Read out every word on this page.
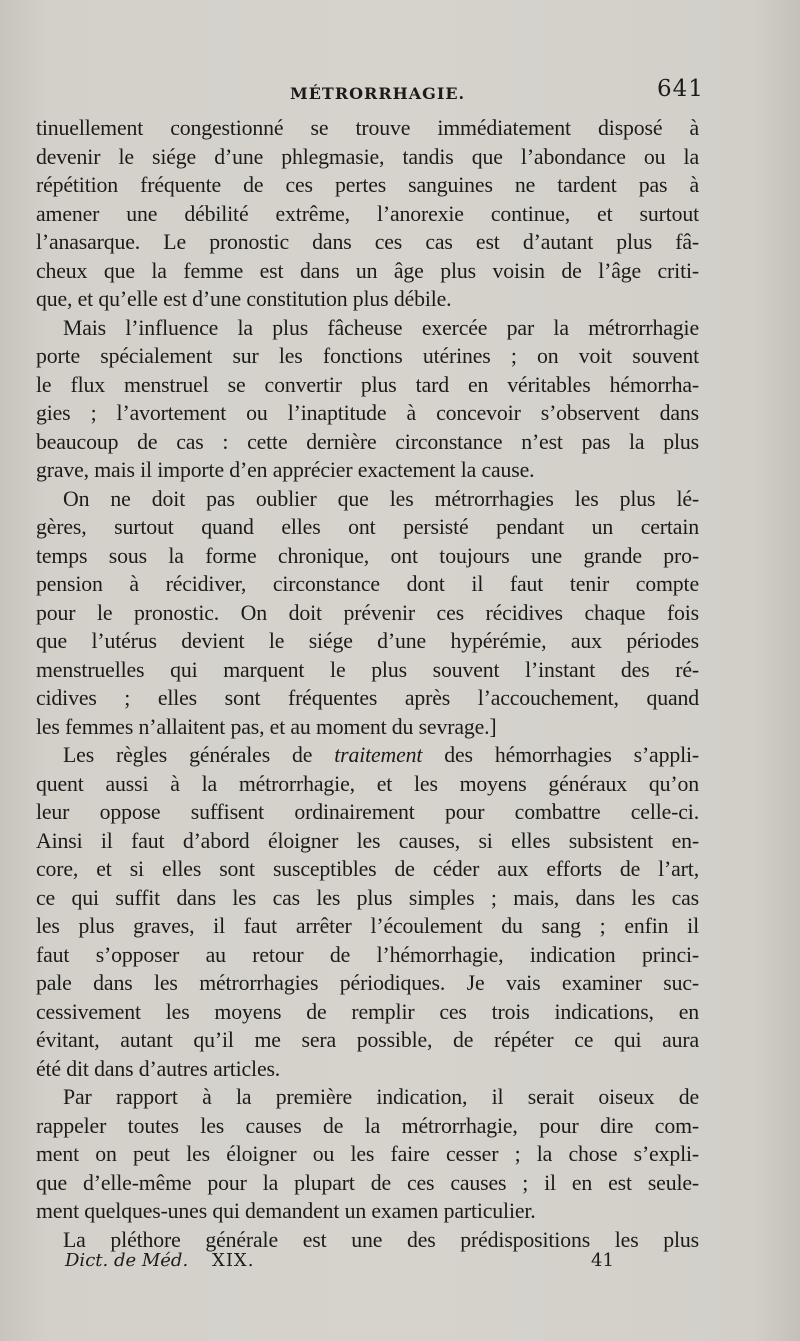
MÉTRORRHAGIE.	641
tinuellement congestionné se trouve immédiatement disposé à
devenir le siége d’une phlegmasie, tandis que l’abondance ou la
répétition fréquente de ces pertes sanguines ne tardent pas à
amener une débilité extrême, l’anorexie continue, et surtout
l’anasarque. Le pronostic dans ces cas est d’autant plus fâ-
cheux que la femme est dans un âge plus voisin de l’âge criti-
que, et qu’elle est d’une constitution plus débile.
Mais l’influence la plus fâcheuse exercée par la métrorrhagie
porte spécialement sur les fonctions utérines ; on voit souvent
le flux menstruel se convertir plus tard en véritables hémorrha-
gies ; l’avortement ou l’inaptitude à concevoir s’observent dans
beaucoup de cas : cette dernière circonstance n’est pas la plus
grave, mais il importe d’en apprécier exactement la cause.
On ne doit pas oublier que les métrorrhagies les plus lé-
gères, surtout quand elles ont persisté pendant un certain
temps sous la forme chronique, ont toujours une grande pro-
pension à récidiver, circonstance dont il faut tenir compte
pour le pronostic. On doit prévenir ces récidives chaque fois
que l’utérus devient le siége d’une hypérémie, aux périodes
menstruelles qui marquent le plus souvent l’instant des ré-
cidives ; elles sont fréquentes après l’accouchement, quand
les femmes n’allaitent pas, et au moment du sevrage.]
Les règles générales de traitement des hémorrhagies s’appli-
quent aussi à la métrorrhagie, et les moyens généraux qu’on
leur oppose suffisent ordinairement pour combattre celle-ci.
Ainsi il faut d’abord éloigner les causes, si elles subsistent en-
core, et si elles sont susceptibles de céder aux efforts de l’art,
ce qui suffit dans les cas les plus simples ; mais, dans les cas
les plus graves, il faut arrêter l’écoulement du sang ; enfin il
faut s’opposer au retour de l’hémorrhagie, indication princi-
pale dans les métrorrhagies périodiques. Je vais examiner suc-
cessivement les moyens de remplir ces trois indications, en
évitant, autant qu’il me sera possible, de répéter ce qui aura
été dit dans d’autres articles.
Par rapport à la première indication, il serait oiseux de
rappeler toutes les causes de la métrorrhagie, pour dire com-
ment on peut les éloigner ou les faire cesser ; la chose s’expli-
que d’elle-même pour la plupart de ces causes ; il en est seule-
ment quelques-unes qui demandent un examen particulier.
La pléthore générale est une des prédispositions les plus
Dict. de Méd. XIX.	41
